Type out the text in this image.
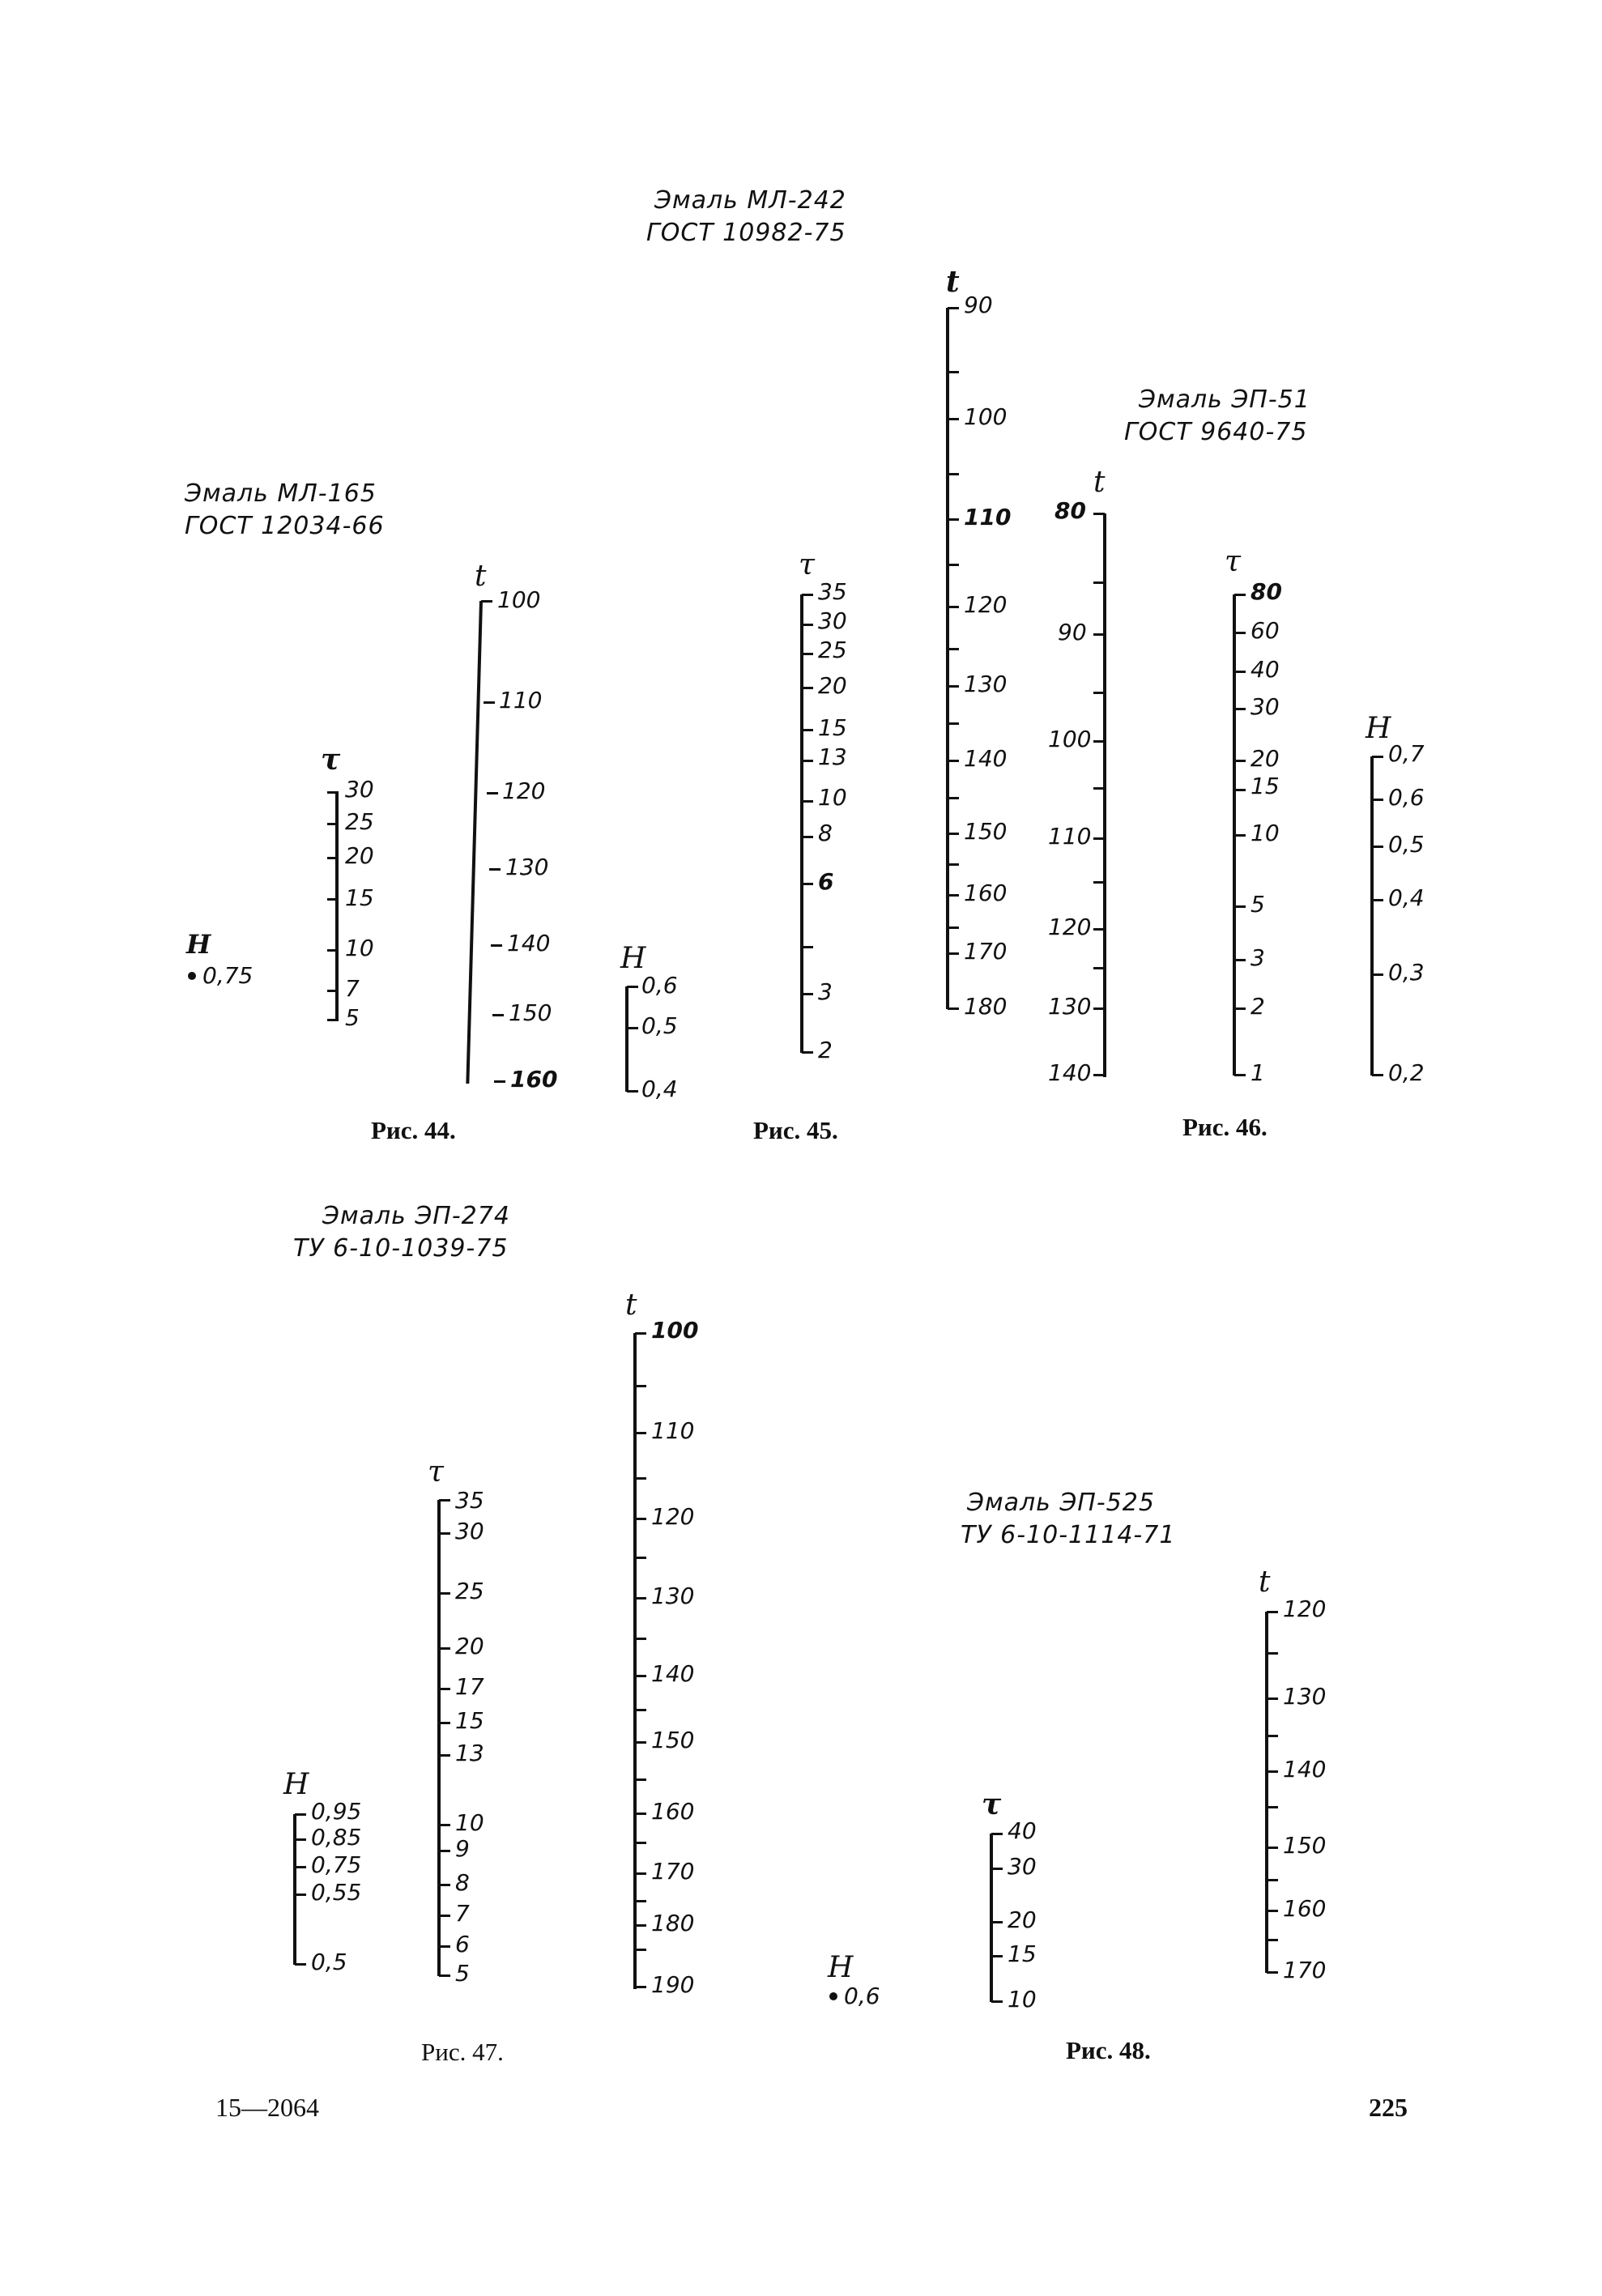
Эмаль МЛ-165
ГОСТ 12034-66
H
0,75
τ
30
25
20
15
10
7
5
t
100
110
120
130
140
150
160
H
0,6
0,5
0,4
Рис. 44.
Эмаль МЛ-242
ГОСТ 10982-75
τ
35
30
25
20
15
13
10
8
6
3
2
t
90
100
110
120
130
140
150
160
170
180
Рис. 45.
Эмаль ЭП-51
ГОСТ 9640-75
t
80
90
100
110
120
130
140
τ
80
60
40
30
20
15
10
5
3
2
1
H
0,7
0,6
0,5
0,4
0,3
0,2
Рис. 46.
Эмаль ЭП-274
ТУ 6-10-1039-75
H
0,95
0,85
0,75
0,55
0,5
τ
35
30
25
20
17
15
13
10
9
8
7
6
5
t
100
110
120
130
140
150
160
170
180
190
Рис. 47.
Эмаль ЭП-525
ТУ 6-10-1114-71
H
0,6
τ
40
30
20
15
10
t
120
130
140
150
160
170
Рис. 48.
15—2064	225
